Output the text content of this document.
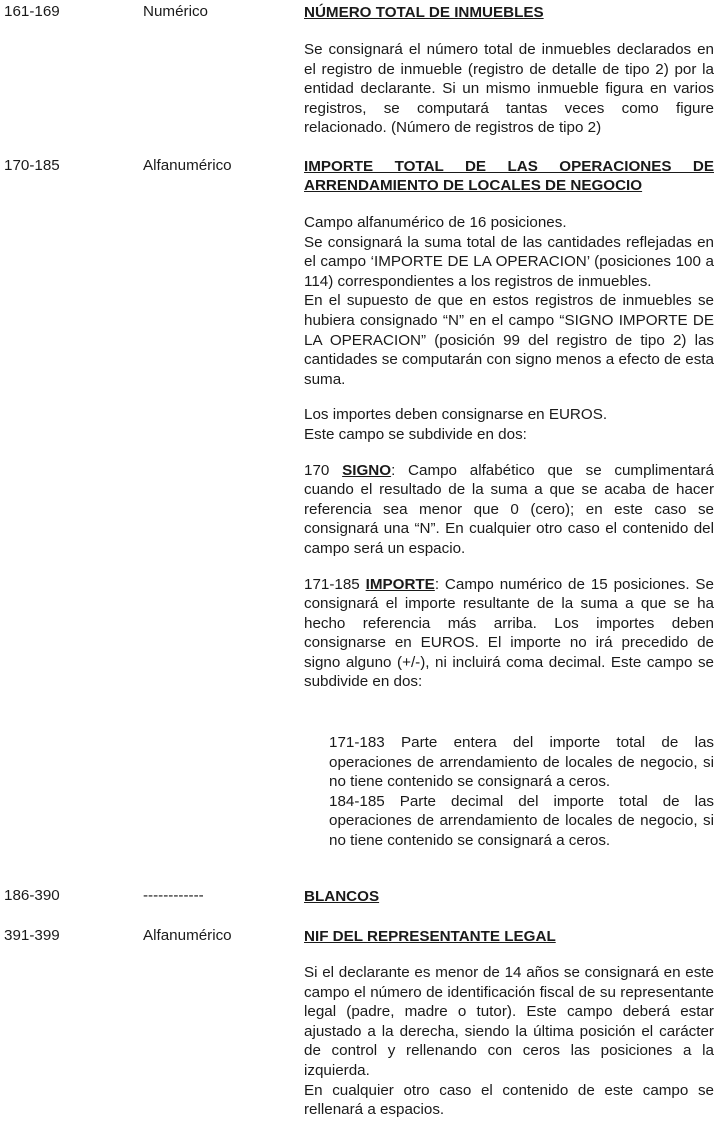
161-169	Numérico	NÚMERO TOTAL DE INMUEBLES

Se consignará el número total de inmuebles declarados en el registro de inmueble (registro de detalle de tipo 2) por la entidad declarante. Si un mismo inmueble figura en varios registros, se computará tantas veces como figure relacionado. (Número de registros de tipo 2)

170-185	Alfanumérico	IMPORTE TOTAL DE LAS OPERACIONES DE ARRENDAMIENTO DE LOCALES DE NEGOCIO

Campo alfanumérico de 16 posiciones.

Se consignará la suma total de las cantidades reflejadas en el campo ‘IMPORTE DE LA OPERACION’ (posiciones 100 a 114) correspondientes a los registros de inmuebles.

En el supuesto de que en estos registros de inmuebles se hubiera consignado “N” en el campo “SIGNO IMPORTE DE LA OPERACION” (posición 99 del registro de tipo 2) las cantidades se computarán con signo menos a efecto de esta suma.

Los importes deben consignarse en EUROS.

Este campo se subdivide en dos:

170 SIGNO: Campo alfabético que se cumplimentará cuando el resultado de la suma a que se acaba de hacer referencia sea menor que 0 (cero); en este caso se consignará una “N”. En cualquier otro caso el contenido del campo será un espacio.

171-185 IMPORTE: Campo numérico de 15 posiciones. Se consignará el importe resultante de la suma a que se ha hecho referencia más arriba. Los importes deben consignarse en EUROS. El importe no irá precedido de signo alguno (+/-), ni incluirá coma decimal. Este campo se subdivide en dos:

171-183 Parte entera del importe total de las operaciones de arrendamiento de locales de negocio, si no tiene contenido se consignará a ceros.

184-185 Parte decimal del importe total de las operaciones de arrendamiento de locales de negocio, si no tiene contenido se consignará a ceros.

186-390	------------	BLANCOS
391-399	Alfanumérico	NIF DEL REPRESENTANTE LEGAL

Si el declarante es menor de 14 años se consignará en este campo el número de identificación fiscal de su representante legal (padre, madre o tutor). Este campo deberá estar ajustado a la derecha, siendo la última posición el carácter de control y rellenando con ceros las posiciones a la izquierda.

En cualquier otro caso el contenido de este campo se rellenará a espacios.
